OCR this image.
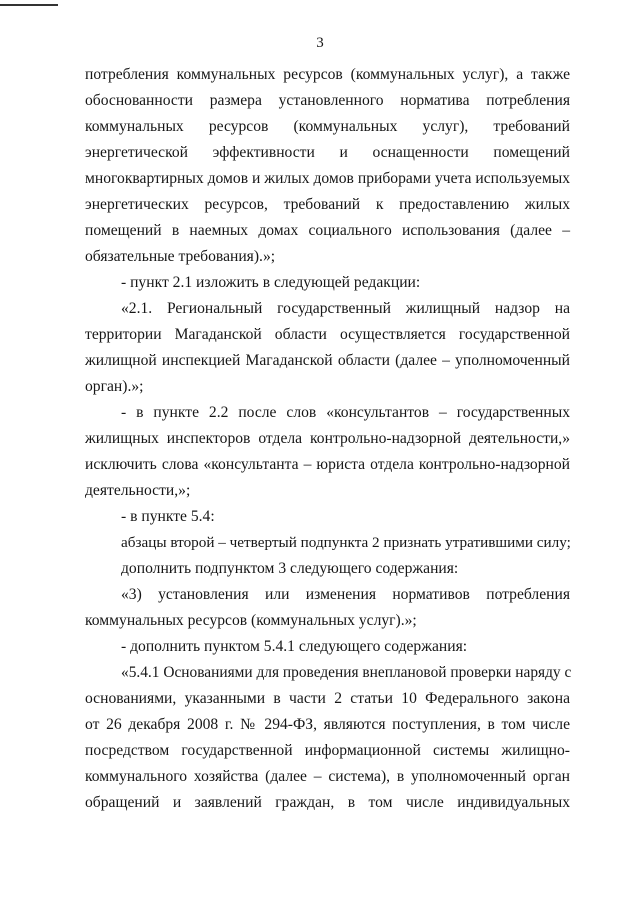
3
потребления коммунальных ресурсов (коммунальных услуг), а также
обоснованности размера установленного норматива потребления
коммунальных ресурсов (коммунальных услуг), требований
энергетической эффективности и оснащенности помещений
многоквартирных домов и жилых домов приборами учета используемых
энергетических ресурсов, требований к предоставлению жилых
помещений в наемных домах социального использования (далее –
обязательные требования).»;
- пункт 2.1 изложить в следующей редакции:
«2.1. Региональный государственный жилищный надзор на
территории Магаданской области осуществляется государственной
жилищной инспекцией Магаданской области (далее – уполномоченный
орган).»;
- в пункте 2.2 после слов «консультантов – государственных
жилищных инспекторов отдела контрольно-надзорной деятельности,»
исключить слова «консультанта – юриста отдела контрольно-надзорной
деятельности,»;
- в пункте 5.4:
абзацы второй – четвертый подпункта 2 признать утратившими силу;
дополнить подпунктом 3 следующего содержания:
«3) установления или изменения нормативов потребления
коммунальных ресурсов (коммунальных услуг).»;
- дополнить пунктом 5.4.1 следующего содержания:
«5.4.1 Основаниями для проведения внеплановой проверки наряду с
основаниями, указанными в части 2 статьи 10 Федерального закона
от 26 декабря 2008 г. № 294-ФЗ, являются поступления, в том числе
посредством государственной информационной системы жилищно-
коммунального хозяйства (далее – система), в уполномоченный орган
обращений и заявлений граждан, в том числе индивидуальных
